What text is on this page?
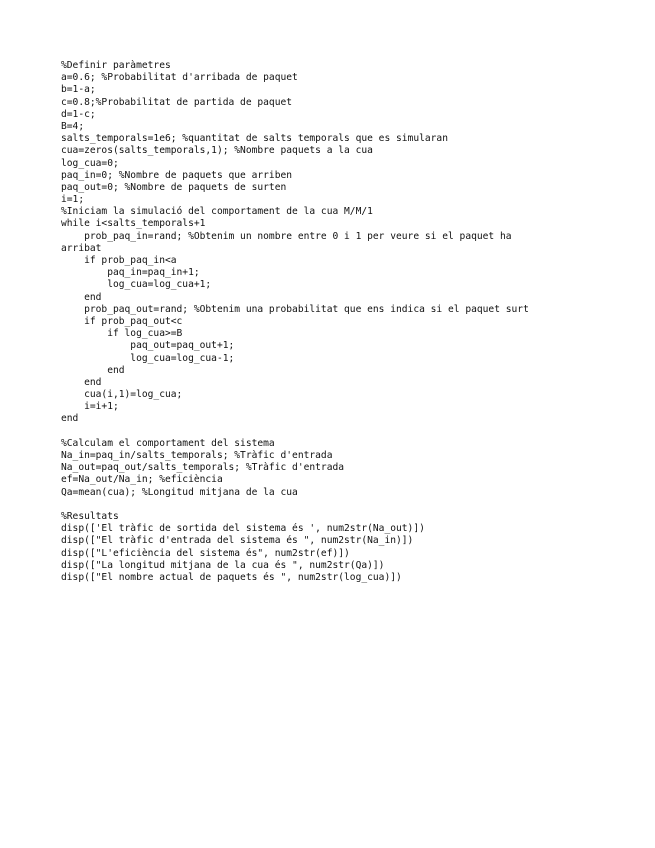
%Definir paràmetres
a=0.6; %Probabilitat d'arribada de paquet
b=1-a;
c=0.8;%Probabilitat de partida de paquet
d=1-c;
B=4;
salts_temporals=1e6; %quantitat de salts temporals que es simularan
cua=zeros(salts_temporals,1); %Nombre paquets a la cua
log_cua=0;
paq_in=0; %Nombre de paquets que arriben
paq_out=0; %Nombre de paquets de surten
i=1;
%Iniciam la simulació del comportament de la cua M/M/1
while i<salts_temporals+1
prob_paq_in=rand; %Obtenim un nombre entre 0 i 1 per veure si el paquet ha
arribat
if prob_paq_in<a
paq_in=paq_in+1;
log_cua=log_cua+1;
end
prob_paq_out=rand; %Obtenim una probabilitat que ens indica si el paquet surt
if prob_paq_out<c
if log_cua>=B
paq_out=paq_out+1;
log_cua=log_cua-1;
end
end
cua(i,1)=log_cua;
i=i+1;
end
%Calculam el comportament del sistema
Na_in=paq_in/salts_temporals; %Tràfic d'entrada
Na_out=paq_out/salts_temporals; %Tràfic d'entrada
ef=Na_out/Na_in; %eficiència
Qa=mean(cua); %Longitud mitjana de la cua
%Resultats
disp(['El tràfic de sortida del sistema és ', num2str(Na_out)])
disp(["El tràfic d'entrada del sistema és ", num2str(Na_in)])
disp(["L'eficiència del sistema és", num2str(ef)])
disp(["La longitud mitjana de la cua és ", num2str(Qa)])
disp(["El nombre actual de paquets és ", num2str(log_cua)])
